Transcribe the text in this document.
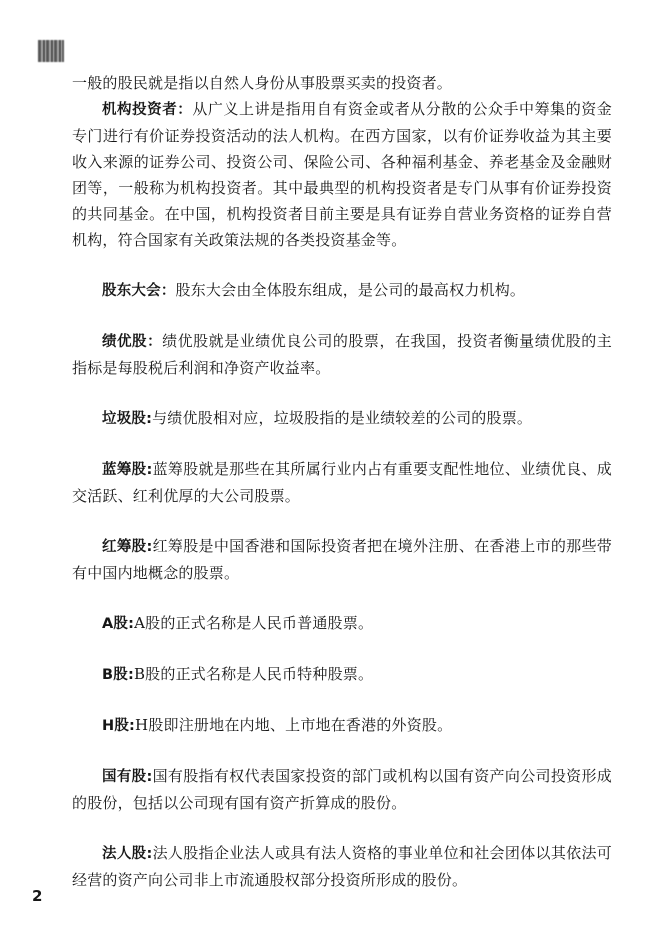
一般的股民就是指以自然人身份从事股票买卖的投资者。

机构投资者：从广义上讲是指用自有资金或者从分散的公众手中筹集的资金专门进行有价证券投资活动的法人机构。在西方国家，以有价证券收益为其主要收入来源的证券公司、投资公司、保险公司、各种福利基金、养老基金及金融财团等，一般称为机构投资者。其中最典型的机构投资者是专门从事有价证券投资的共同基金。在中国，机构投资者目前主要是具有证券自营业务资格的证券自营机构，符合国家有关政策法规的各类投资基金等。

股东大会：股东大会由全体股东组成，是公司的最高权力机构。

绩优股：绩优股就是业绩优良公司的股票，在我国，投资者衡量绩优股的主指标是每股税后利润和净资产收益率。

垃圾股:与绩优股相对应，垃圾股指的是业绩较差的公司的股票。

蓝筹股:蓝筹股就是那些在其所属行业内占有重要支配性地位、业绩优良、成交活跃、红利优厚的大公司股票。

红筹股:红筹股是中国香港和国际投资者把在境外注册、在香港上市的那些带有中国内地概念的股票。

A股:A股的正式名称是人民币普通股票。

B股:B股的正式名称是人民币特种股票。

H股:H股即注册地在内地、上市地在香港的外资股。

国有股:国有股指有权代表国家投资的部门或机构以国有资产向公司投资形成的股份，包括以公司现有国有资产折算成的股份。

法人股:法人股指企业法人或具有法人资格的事业单位和社会团体以其依法可经营的资产向公司非上市流通股权部分投资所形成的股份。

2
